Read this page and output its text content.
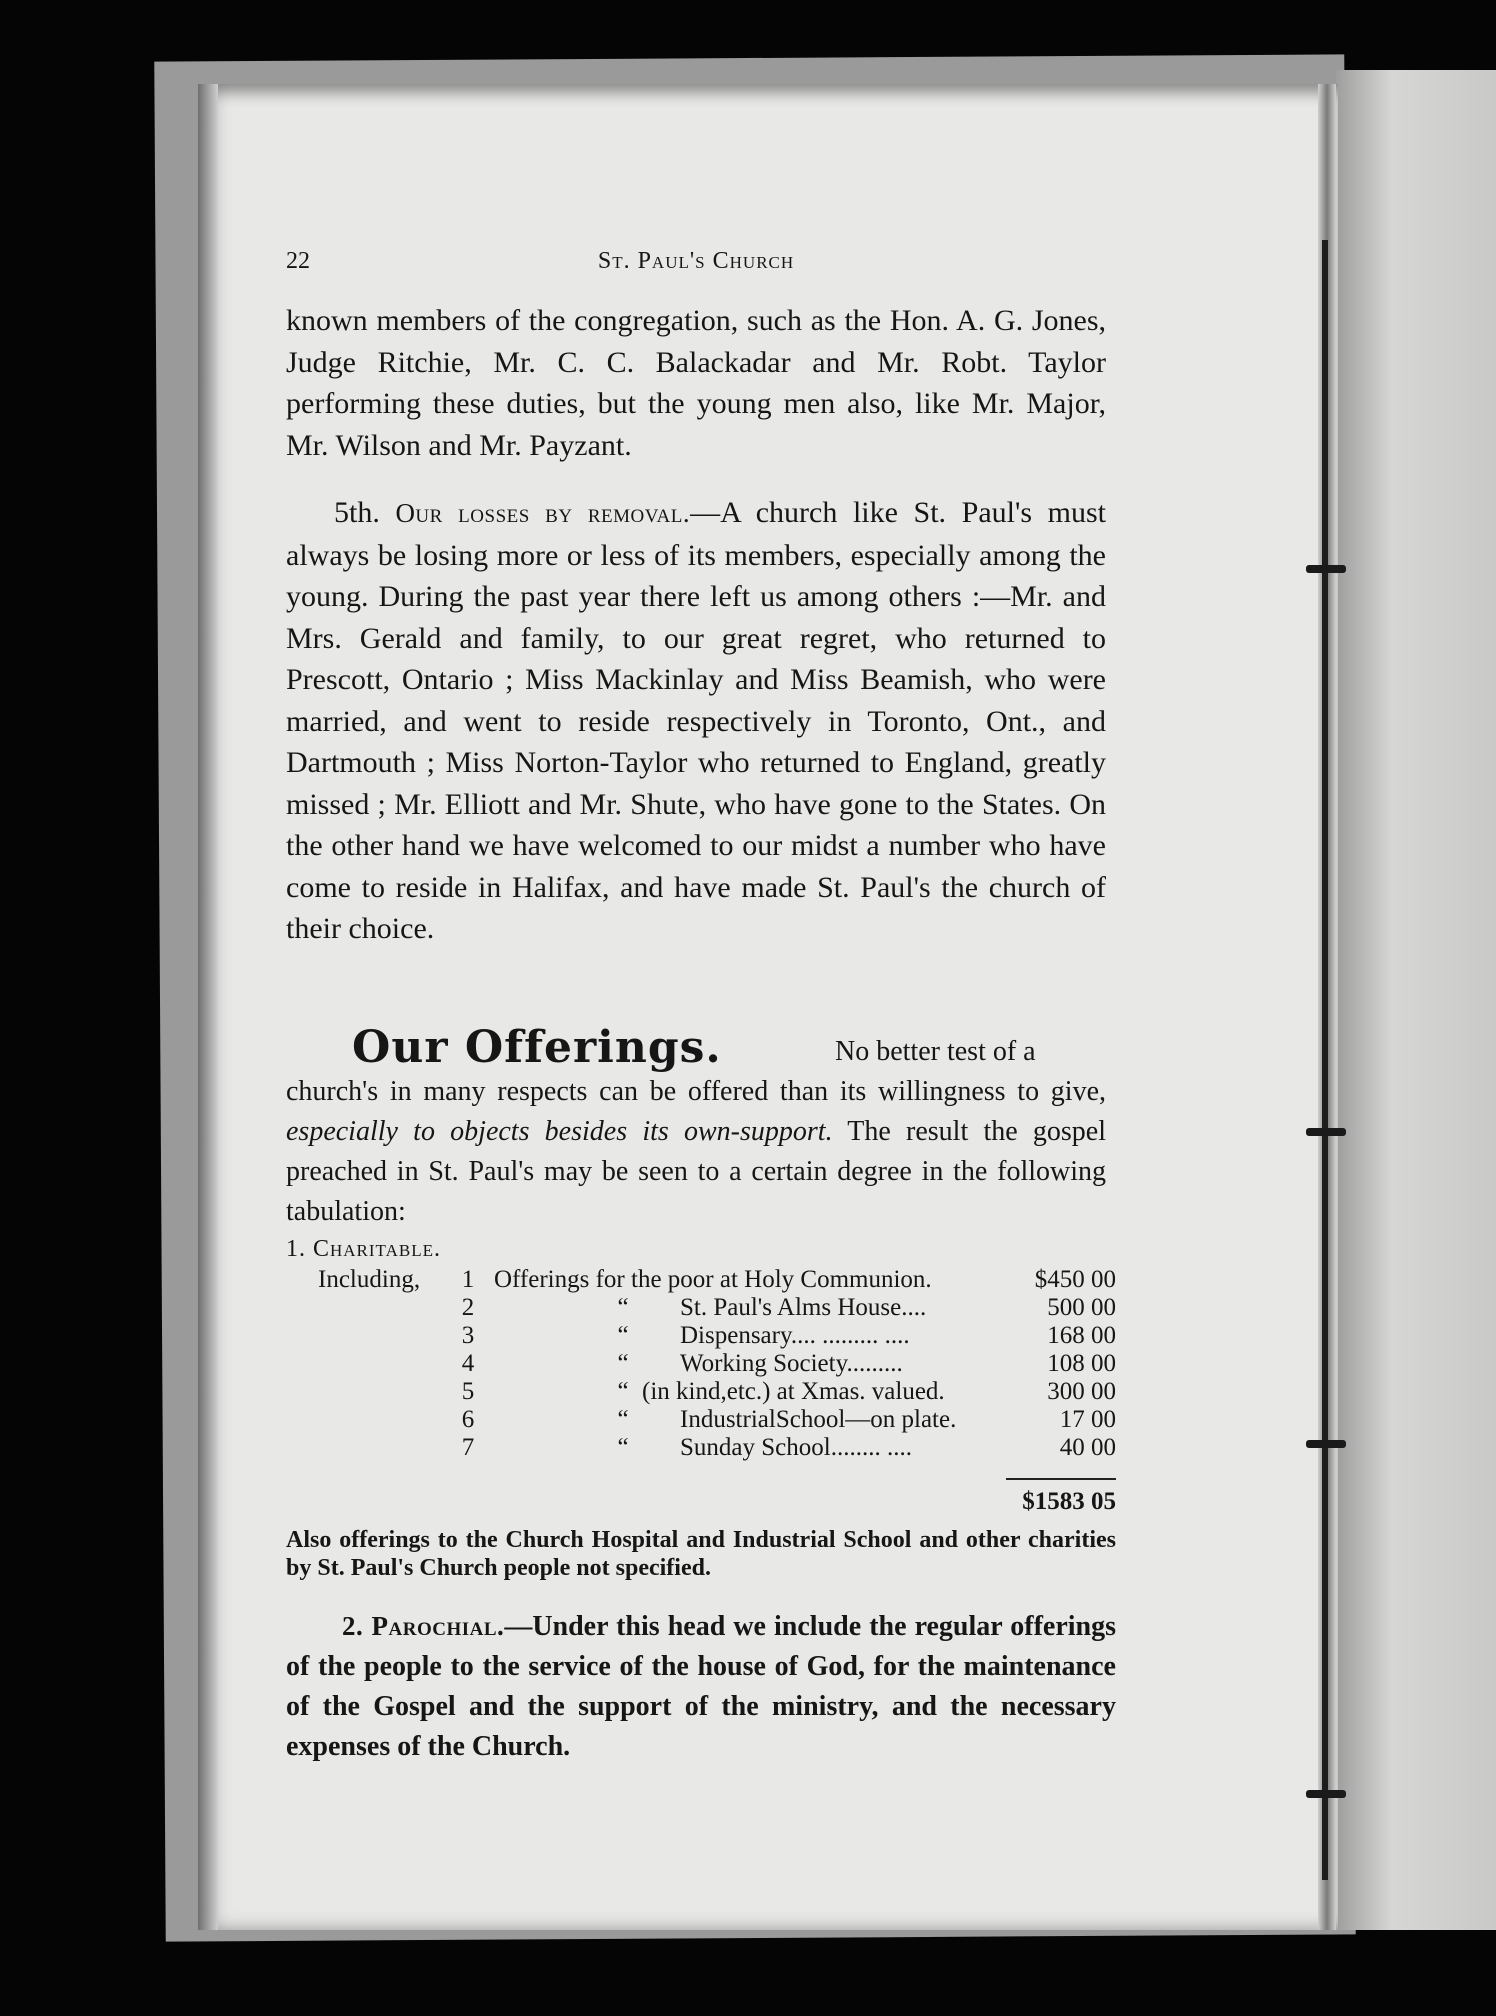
22	St. Paul's Church

known members of the congregation, such as the Hon. A. G. Jones, Judge Ritchie, Mr. C. C. Balackadar and Mr. Robt. Taylor performing these duties, but the young men also, like Mr. Major, Mr. Wilson and Mr. Payzant.

5th. Our losses by removal.—A church like St. Paul's must always be losing more or less of its members, especially among the young. During the past year there left us among others :—Mr. and Mrs. Gerald and family, to our great regret, who returned to Prescott, Ontario ; Miss Mackinlay and Miss Beamish, who were married, and went to reside respectively in Toronto, Ont., and Dartmouth ; Miss Norton-Taylor who returned to England, greatly missed ; Mr. Elliott and Mr. Shute, who have gone to the States. On the other hand we have welcomed to our midst a number who have come to reside in Halifax, and have made St. Paul's the church of their choice.

Our Offerings.	No better test of a

church's in many respects can be offered than its willingness to give, especially to objects besides its own-support. The result the gospel preached in St. Paul's may be seen to a certain degree in the following tabulation:

1. Charitable.
Including, 1 Offerings for the poor at Holy Communion.	$450 00
2	“ St. Paul's Alms House....	500 00
3	“ Dispensary.... ......... ....	168 00
4	“ Working Society.........	108 00
5	“ (in kind,etc.) at Xmas. valued.	300 00
6	“ IndustrialSchool—on plate.	17 00
7	“ Sunday School........ ....	40 00
$1583 05

Also offerings to the Church Hospital and Industrial School and other charities by St. Paul's Church people not specified.

2. Parochial.—Under this head we include the regular offerings of the people to the service of the house of God, for the maintenance of the Gospel and the support of the ministry, and the necessary expenses of the Church.
